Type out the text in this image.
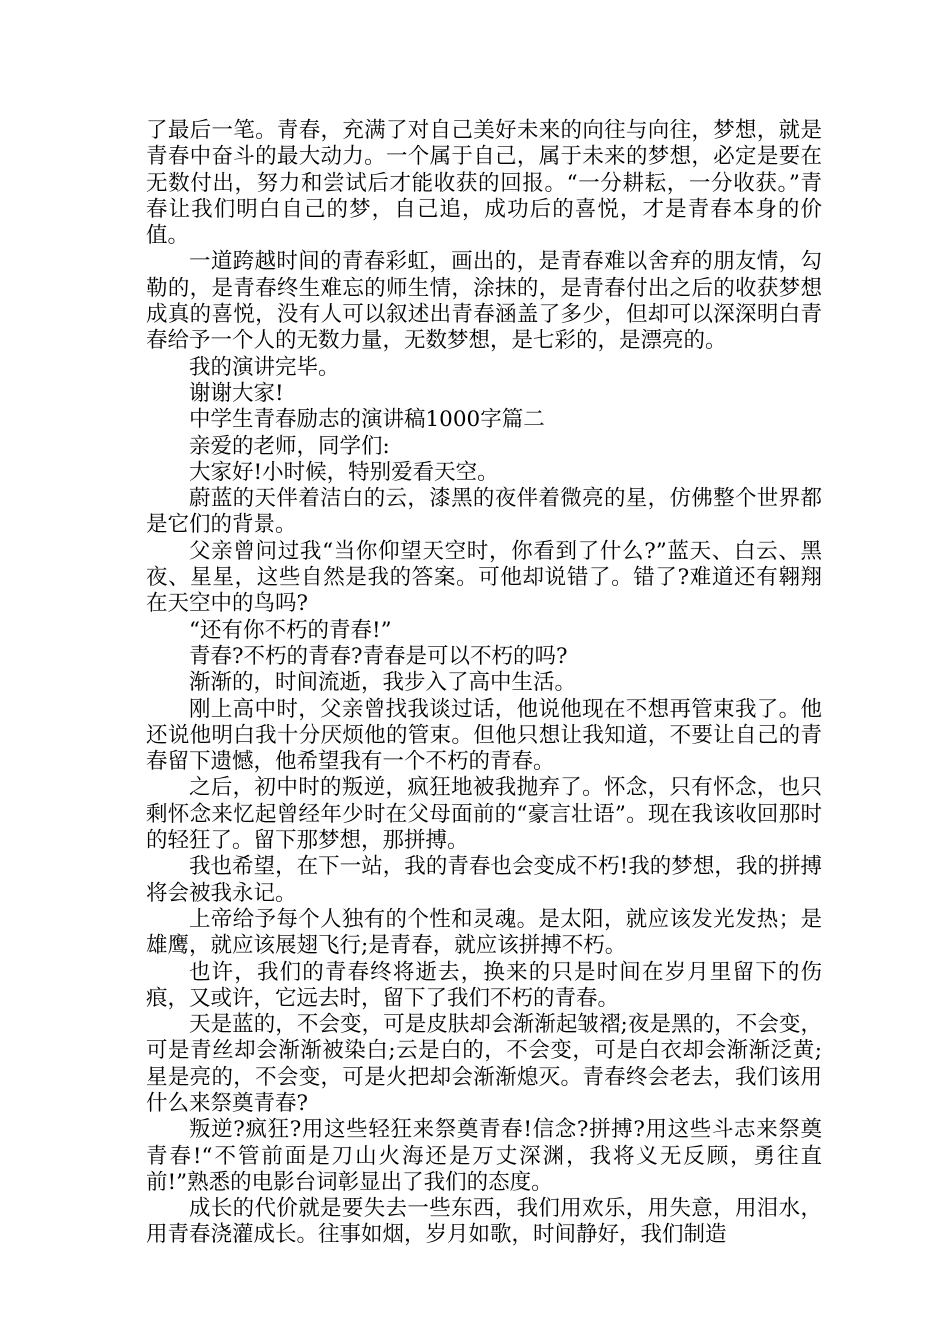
了最后一笔。青春，充满了对自己美好未来的向往与向往，梦想，就是青春中奋斗的最大动力。一个属于自己，属于未来的梦想，必定是要在无数付出，努力和尝试后才能收获的回报。“一分耕耘，一分收获。”青春让我们明白自己的梦，自己追，成功后的喜悦，才是青春本身的价值。

一道跨越时间的青春彩虹，画出的，是青春难以舍弃的朋友情，勾勒的，是青春终生难忘的师生情，涂抹的，是青春付出之后的收获梦想成真的喜悦，没有人可以叙述出青春涵盖了多少，但却可以深深明白青春给予一个人的无数力量，无数梦想，是七彩的，是漂亮的。

我的演讲完毕。

谢谢大家!

中学生青春励志的演讲稿1000字篇二

亲爱的老师，同学们:

大家好!小时候，特别爱看天空。

蔚蓝的天伴着洁白的云，漆黑的夜伴着微亮的星，仿佛整个世界都是它们的背景。

父亲曾问过我“当你仰望天空时，你看到了什么?”蓝天、白云、黑夜、星星，这些自然是我的答案。可他却说错了。错了?难道还有翱翔在天空中的鸟吗?

“还有你不朽的青春!”

青春?不朽的青春?青春是可以不朽的吗?

渐渐的，时间流逝，我步入了高中生活。

刚上高中时，父亲曾找我谈过话，他说他现在不想再管束我了。他还说他明白我十分厌烦他的管束。但他只想让我知道，不要让自己的青春留下遗憾，他希望我有一个不朽的青春。

之后，初中时的叛逆，疯狂地被我抛弃了。怀念，只有怀念，也只剩怀念来忆起曾经年少时在父母面前的“豪言壮语”。现在我该收回那时的轻狂了。留下那梦想，那拼搏。

我也希望，在下一站，我的青春也会变成不朽!我的梦想，我的拼搏将会被我永记。

上帝给予每个人独有的个性和灵魂。是太阳，就应该发光发热；是雄鹰，就应该展翅飞行;是青春，就应该拼搏不朽。

也许，我们的青春终将逝去，换来的只是时间在岁月里留下的伤痕，又或许，它远去时，留下了我们不朽的青春。

天是蓝的，不会变，可是皮肤却会渐渐起皱褶;夜是黑的，不会变，可是青丝却会渐渐被染白;云是白的，不会变，可是白衣却会渐渐泛黄;星是亮的，不会变，可是火把却会渐渐熄灭。青春终会老去，我们该用什么来祭奠青春?

叛逆?疯狂?用这些轻狂来祭奠青春!信念?拼搏?用这些斗志来祭奠青春!“不管前面是刀山火海还是万丈深渊，我将义无反顾，勇往直前!”熟悉的电影台词彰显出了我们的态度。

成长的代价就是要失去一些东西，我们用欢乐，用失意，用泪水，用青春浇灌成长。往事如烟，岁月如歌，时间静好，我们制造
